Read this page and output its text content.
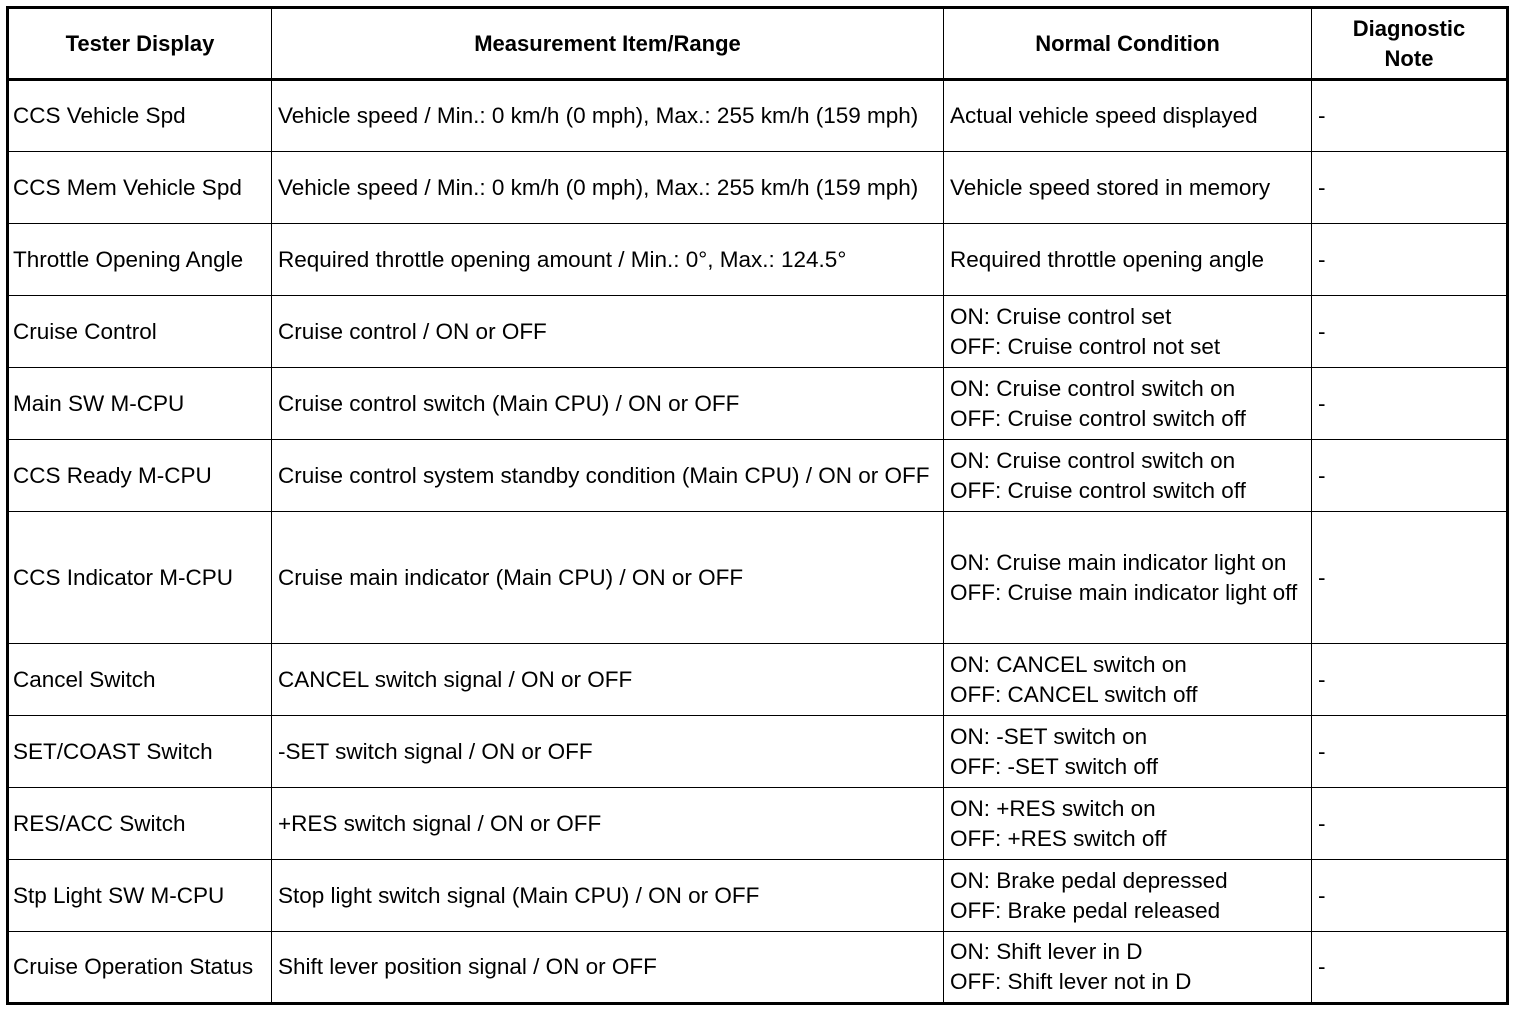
Tester Display	Measurement Item/Range	Normal Condition	Diagnostic
Note

CCS Vehicle Spd	Vehicle speed / Min.: 0 km/h (0 mph), Max.: 255 km/h (159 mph)	Actual vehicle speed displayed	-
CCS Mem Vehicle Spd	Vehicle speed / Min.: 0 km/h (0 mph), Max.: 255 km/h (159 mph)	Vehicle speed stored in memory	-
Throttle Opening Angle	Required throttle opening amount / Min.: 0°, Max.: 124.5°	Required throttle opening angle	-
Cruise Control	Cruise control / ON or OFF	ON: Cruise control set
OFF: Cruise control not set	-
Main SW M-CPU	Cruise control switch (Main CPU) / ON or OFF	ON: Cruise control switch on
OFF: Cruise control switch off	-
CCS Ready M-CPU	Cruise control system standby condition (Main CPU) / ON or OFF	ON: Cruise control switch on
OFF: Cruise control switch off	-
CCS Indicator M-CPU	Cruise main indicator (Main CPU) / ON or OFF	ON: Cruise main indicator light on
OFF: Cruise main indicator light off	-
Cancel Switch	CANCEL switch signal / ON or OFF	ON: CANCEL switch on
OFF: CANCEL switch off	-
SET/COAST Switch	-SET switch signal / ON or OFF	ON: -SET switch on
OFF: -SET switch off	-
RES/ACC Switch	+RES switch signal / ON or OFF	ON: +RES switch on
OFF: +RES switch off	-
Stp Light SW M-CPU	Stop light switch signal (Main CPU) / ON or OFF	ON: Brake pedal depressed
OFF: Brake pedal released	-
Cruise Operation Status	Shift lever position signal / ON or OFF	ON: Shift lever in D
OFF: Shift lever not in D	-
